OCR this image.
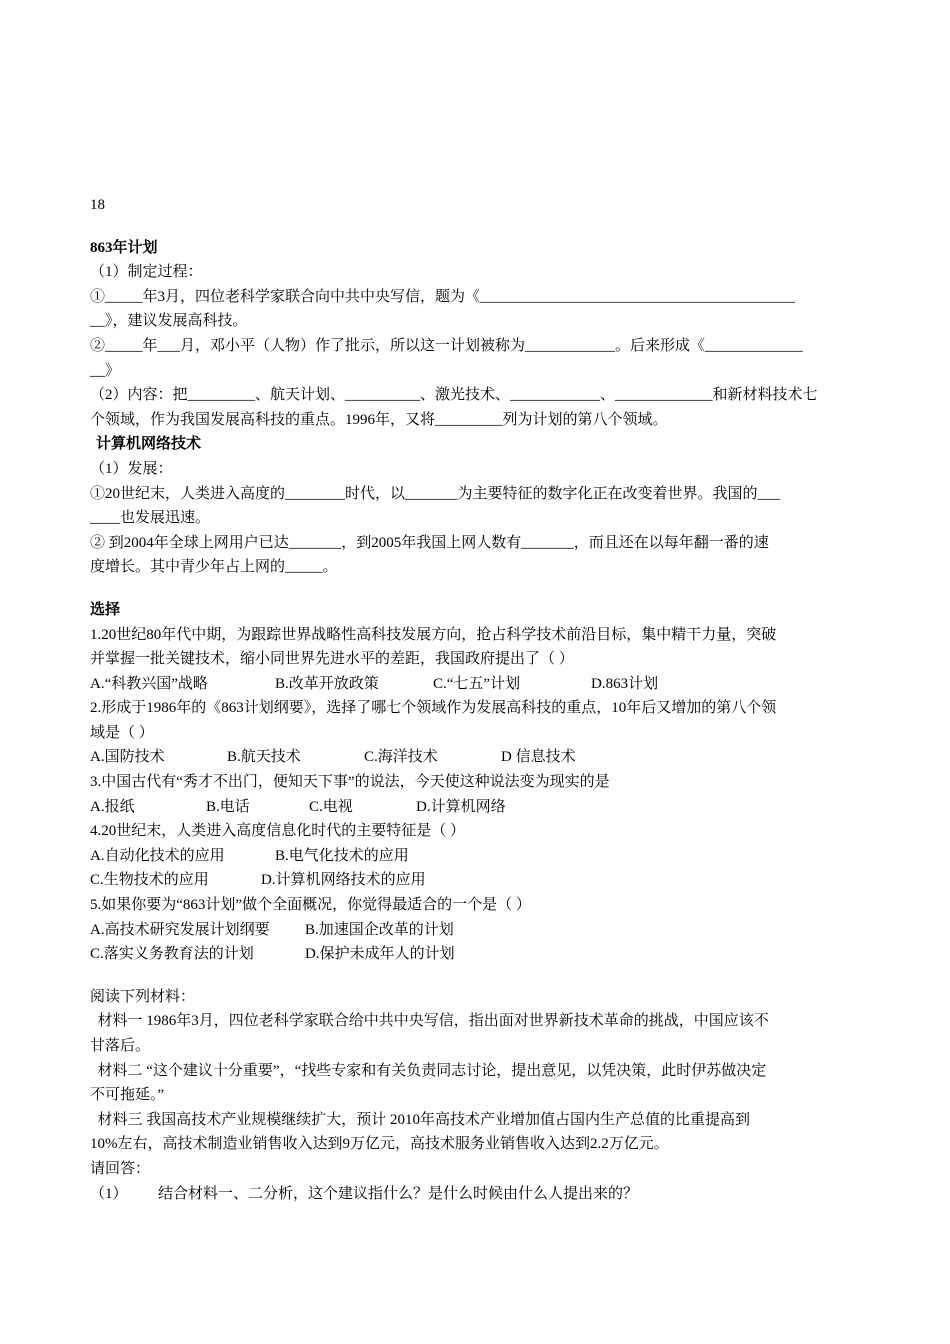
18
863年计划
（1）制定过程：
①_____年3月，四位老科学家联合向中共中央写信，题为《__________________________________________
__》，建议发展高科技。
②_____年___月，邓小平（人物）作了批示，所以这一计划被称为____________。后来形成《_____________
__》
（2）内容：把_________、航天计划、__________、激光技术、____________、_____________和新材料技术七
个领域，作为我国发展高科技的重点。1996年，又将_________列为计划的第八个领域。
计算机网络技术
（1）发展：
①20世纪末，人类进入高度的________时代，以_______为主要特征的数字化正在改变着世界。我国的___
____也发展迅速。
② 到2004年全球上网用户已达_______，到2005年我国上网人数有_______，而且还在以每年翻一番的速
度增长。其中青少年占上网的_____。
选择
1.20世纪80年代中期，为跟踪世界战略性高科技发展方向，抢占科学技术前沿目标，集中精干力量，突破
并掌握一批关键技术，缩小同世界先进水平的差距，我国政府提出了（ ）
A.“科教兴国”战略	B.改革开放政策	C.“七五”计划	D.863计划
2.形成于1986年的《863计划纲要》，选择了哪七个领域作为发展高科技的重点，10年后又增加的第八个领
域是（ ）
A.国防技术	B.航天技术	C.海洋技术	D 信息技术
3.中国古代有“秀才不出门，便知天下事”的说法，今天使这种说法变为现实的是
A.报纸	B.电话	C.电视	D.计算机网络
4.20世纪末，人类进入高度信息化时代的主要特征是（ ）
A.自动化技术的应用	B.电气化技术的应用
C.生物技术的应用	D.计算机网络技术的应用
5.如果你要为“863计划”做个全面概况，你觉得最适合的一个是（ ）
A.高技术研究发展计划纲要 B.加速国企改革的计划
C.落实义务教育法的计划	D.保护未成年人的计划
阅读下列材料：
材料一 1986年3月，四位老科学家联合给中共中央写信，指出面对世界新技术革命的挑战，中国应该不
甘落后。
材料二 “这个建议十分重要”，“找些专家和有关负责同志讨论，提出意见，以凭决策，此时伊苏做决定
不可拖延。”
材料三 我国高技术产业规模继续扩大，预计 2010年高技术产业增加值占国内生产总值的比重提高到
10%左右，高技术制造业销售收入达到9万亿元，高技术服务业销售收入达到2.2万亿元。
请回答：
（1） 结合材料一、二分析，这个建议指什么？是什么时候由什么人提出来的？
